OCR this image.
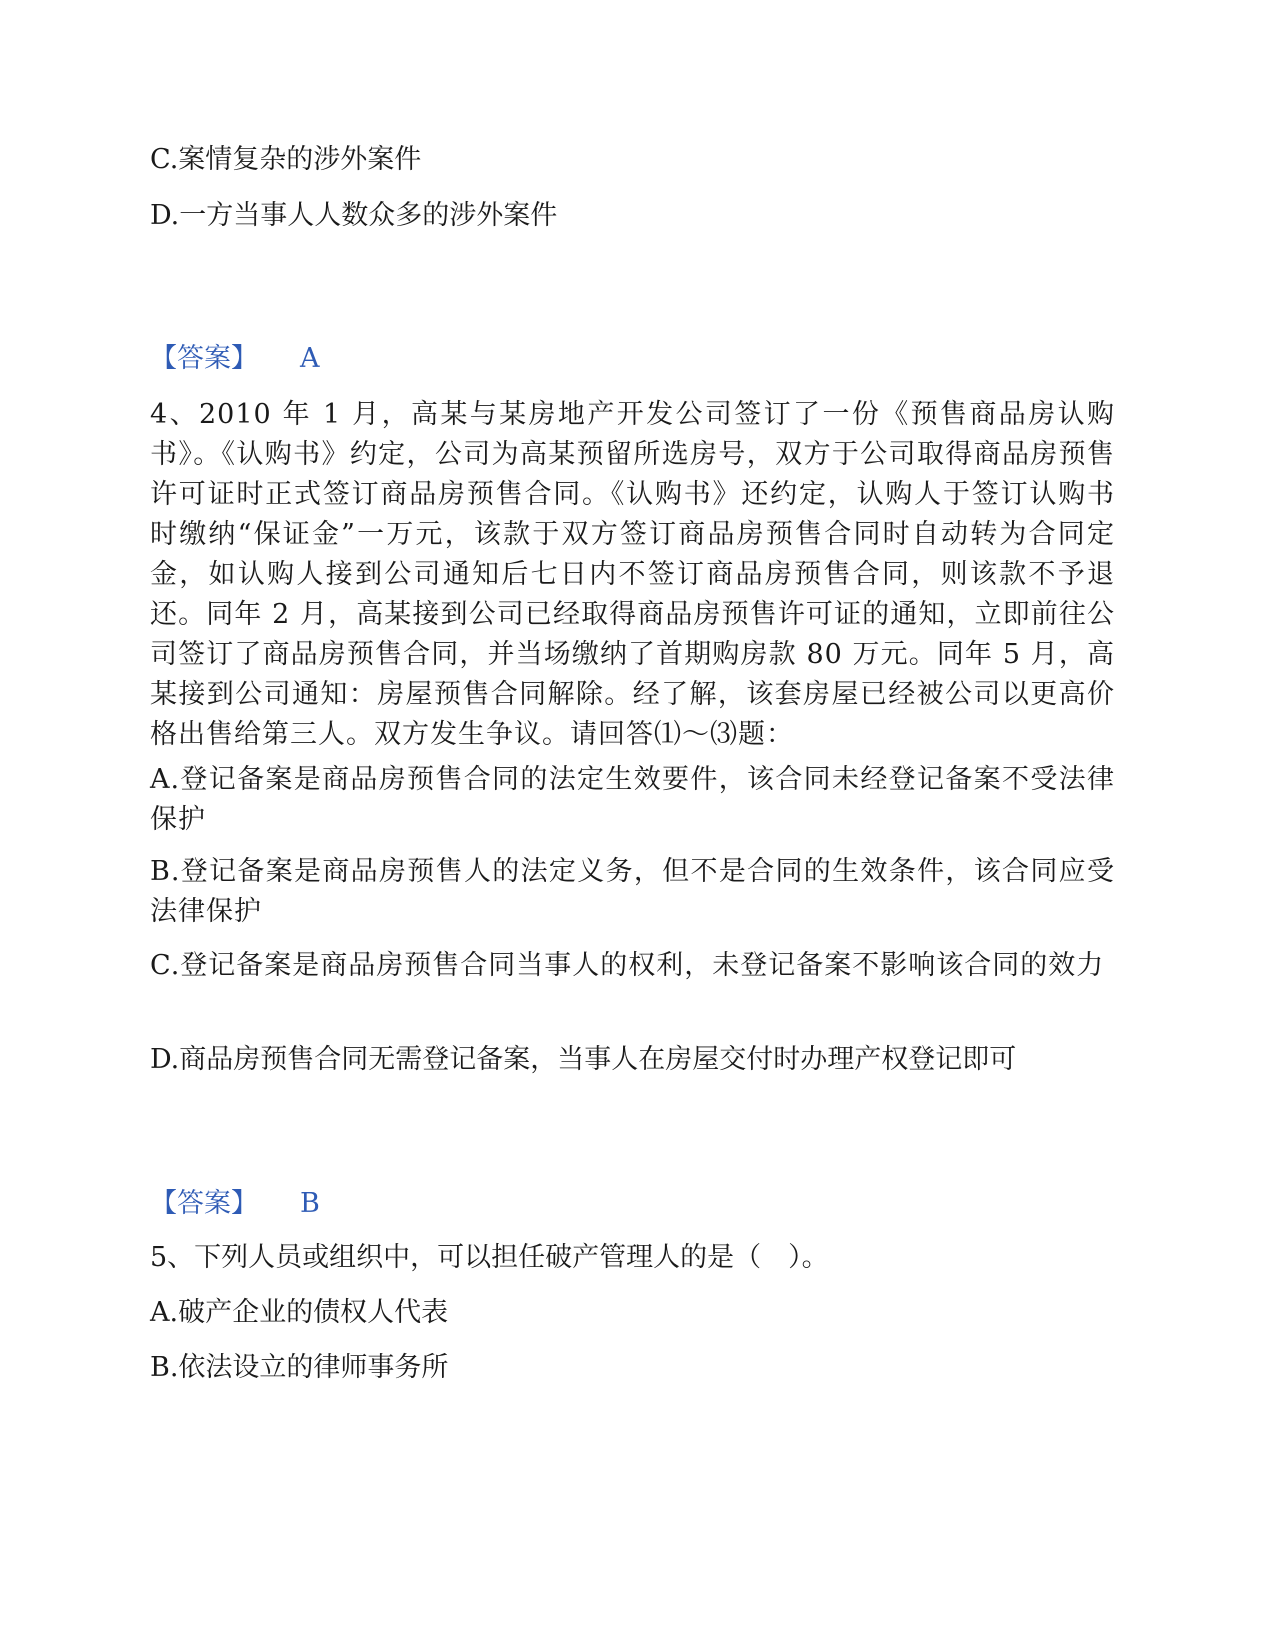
C.案情复杂的涉外案件
D.一方当事人人数众多的涉外案件
【答案】 A
4、2010 年 1 月，高某与某房地产开发公司签订了一份《预售商品房认购书》。《认购书》约定，公司为高某预留所选房号，双方于公司取得商品房预售许可证时正式签订商品房预售合同。《认购书》还约定，认购人于签订认购书时缴纳“保证金”一万元，该款于双方签订商品房预售合同时自动转为合同定金，如认购人接到公司通知后七日内不签订商品房预售合同，则该款不予退还。同年 2 月，高某接到公司已经取得商品房预售许可证的通知，立即前往公司签订了商品房预售合同，并当场缴纳了首期购房款 80 万元。同年 5 月，高某接到公司通知：房屋预售合同解除。经了解，该套房屋已经被公司以更高价格出售给第三人。双方发生争议。请回答⑴～⑶题：
A.登记备案是商品房预售合同的法定生效要件，该合同未经登记备案不受法律保护
B.登记备案是商品房预售人的法定义务，但不是合同的生效条件，该合同应受法律保护
C.登记备案是商品房预售合同当事人的权利，未登记备案不影响该合同的效力
D.商品房预售合同无需登记备案，当事人在房屋交付时办理产权登记即可
【答案】 B
5、下列人员或组织中，可以担任破产管理人的是（　）。
A.破产企业的债权人代表
B.依法设立的律师事务所
